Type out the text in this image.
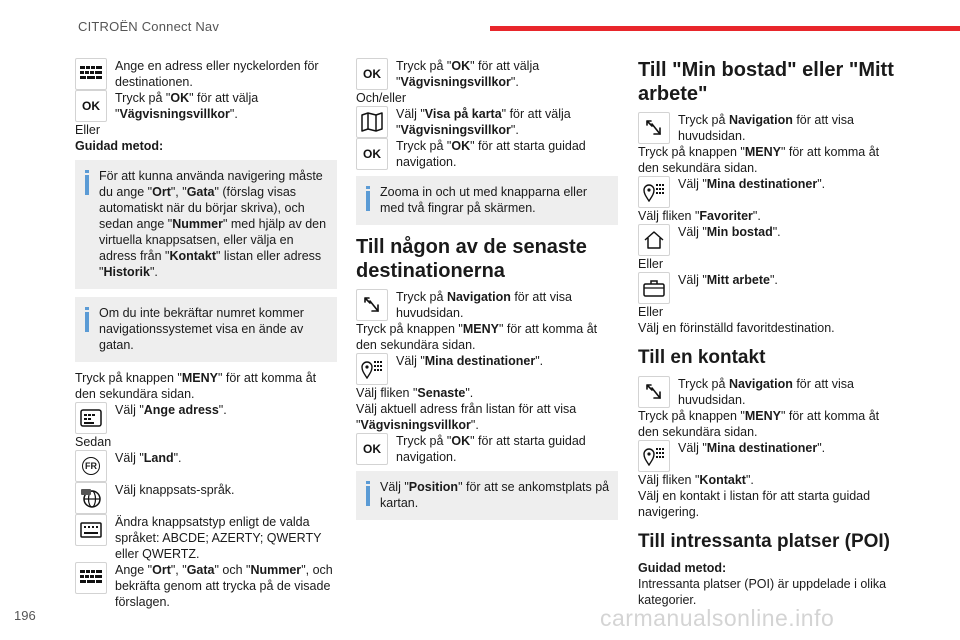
CITROËN Connect Nav
196	carmanualsonline.info
Ange en adress eller nyckelorden för destinationen.
OK
Tryck på "OK" för att välja "Vägvisningsvillkor".

Eller

Guidad metod:

För att kunna använda navigering måste du ange "Ort", "Gata" (förslag visas automatiskt när du börjar skriva), och sedan ange "Nummer" med hjälp av den virtuella knappsatsen, eller välja en adress från "Kontakt" listan eller adress "Historik".
Om du inte bekräftar numret kommer navigationssystemet visa en ände av gatan.

Tryck på knappen "MENY" för att komma åt den sekundära sidan.

Välj "Ange adress".

Sedan

FR
Välj "Land".
Välj knappsats-språk.
Ändra knappsatstyp enligt de valda språket: ABCDE; AZERTY; QWERTY eller QWERTZ.
Ange "Ort", "Gata" och "Nummer", och bekräfta genom att trycka på de visade förslagen.
OK
Tryck på "OK" för att välja "Vägvisningsvillkor".

Och/eller

Välj "Visa på karta" för att välja "Vägvisningsvillkor".
OK
Tryck på "OK" för att starta guidad navigation.
Zooma in och ut med knapparna eller med två fingrar på skärmen.
Till någon av de senaste destinationerna
Tryck på Navigation för att visa huvudsidan.

Tryck på knappen "MENY" för att komma åt den sekundära sidan.

Välj "Mina destinationer".

Välj fliken "Senaste".

Välj aktuell adress från listan för att visa "Vägvisningsvillkor".

OK
Tryck på "OK" för att starta guidad navigation.
Välj "Position" för att se ankomstplats på kartan.
Till "Min bostad" eller "Mitt arbete"
Tryck på Navigation för att visa huvudsidan.

Tryck på knappen "MENY" för att komma åt den sekundära sidan.

Välj "Mina destinationer".

Välj fliken "Favoriter".

Välj "Min bostad".

Eller

Välj "Mitt arbete".

Eller

Välj en förinställd favoritdestination.

Till en kontakt
Tryck på Navigation för att visa huvudsidan.

Tryck på knappen "MENY" för att komma åt den sekundära sidan.

Välj "Mina destinationer".

Välj fliken "Kontakt".

Välj en kontakt i listan för att starta guidad navigering.

Till intressanta platser (POI)

Guidad metod:

Intressanta platser (POI) är uppdelade i olika kategorier.
